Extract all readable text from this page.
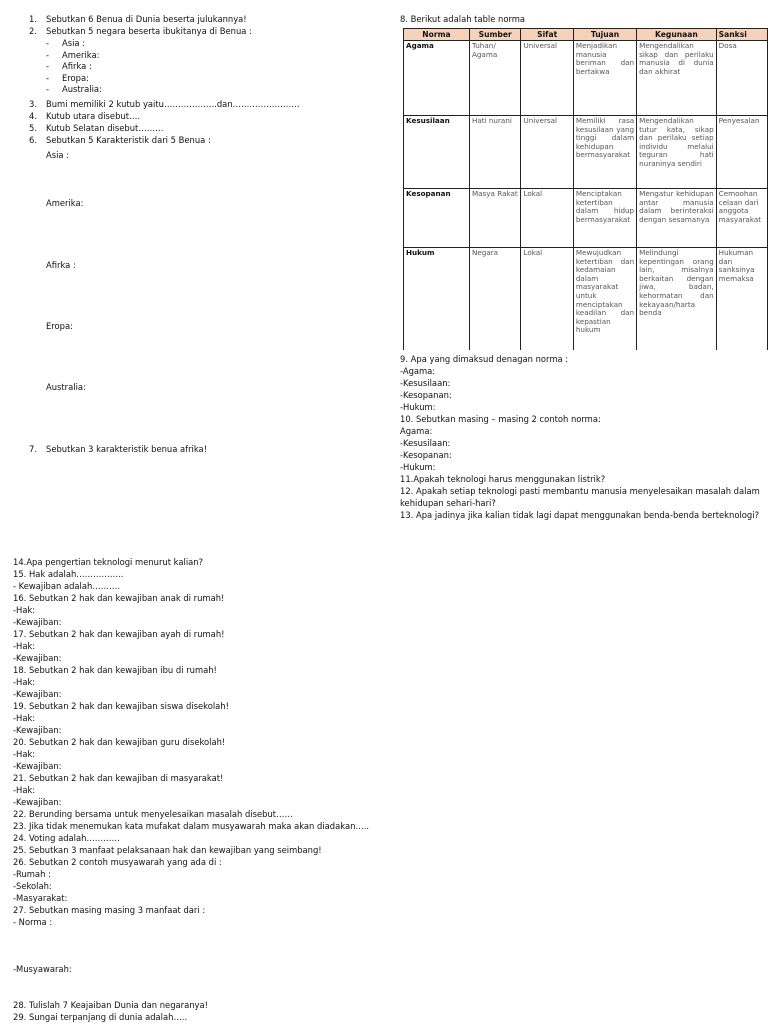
1. Sebutkan 6 Benua di Dunia beserta julukannya!
2. Sebutkan 5 negara beserta ibukitanya di Benua :
- Asia :
- Amerika:
- Afirka :
- Eropa:
- Australia:
3. Bumi memiliki 2 kutub yaitu……………….dan……………………
4. Kutub utara disebut….
5. Kutub Selatan disebut………
6. Sebutkan 5 Karakteristik dari 5 Benua :
Asia :
Amerika:
Afirka :
Eropa:
Australia:
7. Sebutkan 3 karakteristik benua afrika!
8. Berikut adalah table norma
Norma	Sumber	Sifat	Tujuan	Kegunaan	Sanksi
Agama	Tuhan/ Agama	Universal	Menjadikan manusia beriman dan bertakwa	Mengendalikan sikap dan perilaku manusia di dunia dan akhirat	Dosa
Kesusilaan	Hati nurani	Universal	Memiliki rasa kesusilaan yang tinggi dalam kehidupan bermasyarakat	Mengendalikan tutur kata, sikap dan perilaku setiap individu melalui teguran hati nuraninya sendiri	Penyesalan
Kesopanan	Masya Rakat	Lokal	Menciptakan ketertiban dalam hidup bermasyarakat	Mengatur kehidupan antar manusia dalam berinteraksi dengan sesamanya	Cemoohan celaan dari anggota masyarakat
Hukum	Negara	Lokal	Mewujudkan ketertiban dan kedamaian dalam masyarakat untuk menciptakan keadilan dan kepastian hukum	Melindungi kepentingan orang lain, misalnya berkaitan dengan jiwa, badan, kehormatan dan kekayaan/harta benda	Hukuman dan sanksinya memaksa
9. Apa yang dimaksud denagan norma :
-Agama:
-Kesusilaan:
-Kesopanan:
-Hukum:
10. Sebutkan masing – masing 2 contoh norma:
Agama:
-Kesusilaan:
-Kesopanan:
-Hukum:
11.Apakah teknologi harus menggunakan listrik?
12. Apakah setiap teknologi pasti membantu manusia menyelesaikan masalah dalam
kehidupan sehari-hari?
13. Apa jadinya jika kalian tidak lagi dapat menggunakan benda-benda berteknologi?
14.Apa pengertian teknologi menurut kalian?
15. Hak adalah……………..
- Kewajiban adalah……….
16. Sebutkan 2 hak dan kewajiban anak di rumah!
-Hak:
-Kewajiban:
17. Sebutkan 2 hak dan kewajiban ayah di rumah!
-Hak:
-Kewajiban:
18. Sebutkan 2 hak dan kewajiban ibu di rumah!
-Hak:
-Kewajiban:
19. Sebutkan 2 hak dan kewajiban siswa disekolah!
-Hak:
-Kewajiban:
20. Sebutkan 2 hak dan kewajiban guru disekolah!
-Hak:
-Kewajiban:
21. Sebutkan 2 hak dan kewajiban di masyarakat!
-Hak:
-Kewajiban:
22. Berunding bersama untuk menyelesaikan masalah disebut……
23. Jika tidak menemukan kata mufakat dalam musyawarah maka akan diadakan…..
24. Voting adalah…………
25. Sebutkan 3 manfaat pelaksanaan hak dan kewajiban yang seimbang!
26. Sebutkan 2 contoh musyawarah yang ada di :
-Rumah :
-Sekolah:
-Masyarakat:
27. Sebutkan masing masing 3 manfaat dari :
- Norma :
-Musyawarah:
28. Tulislah 7 Keajaiban Dunia dan negaranya!
29. Sungai terpanjang di dunia adalah…..
